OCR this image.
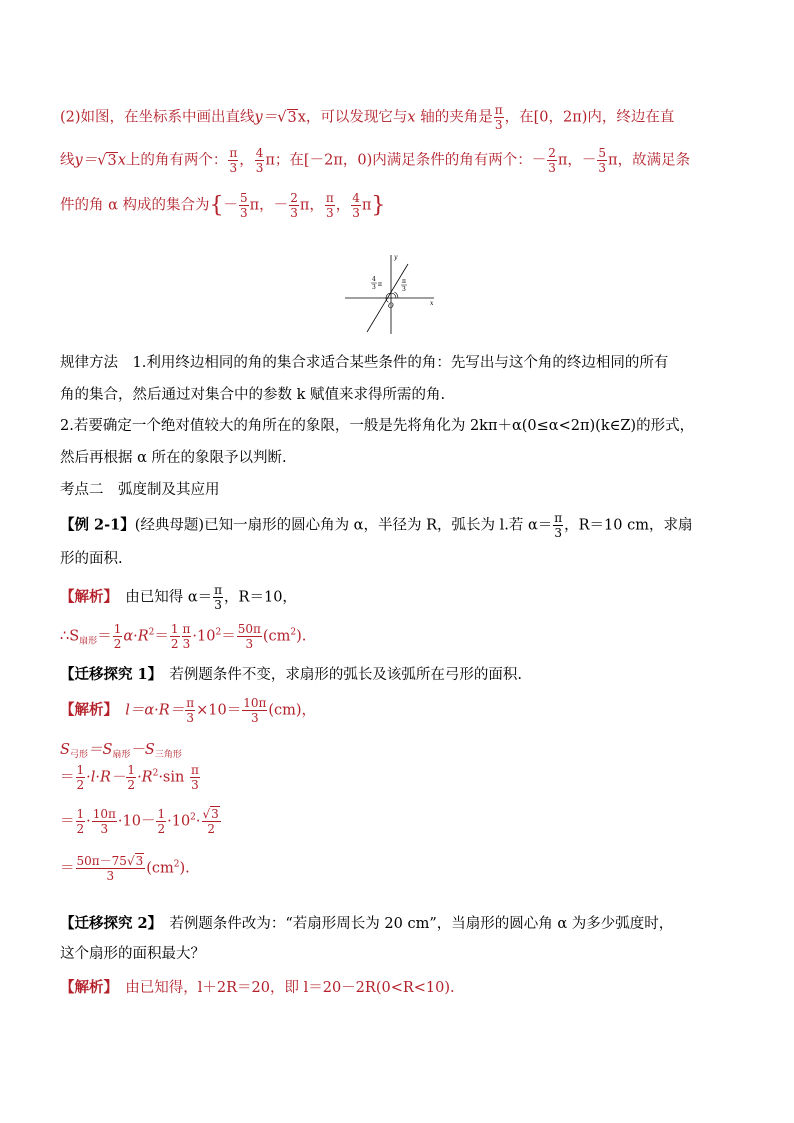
(2)如图，在坐标系中画出直线y＝√3x，可以发现它与x 轴的夹角是 $\frac{\pi}{3}$ ，在[0，2π)内，终边在直
线y＝√3x上的角有两个： $\frac{\pi}{3}$ ， $\frac{4}{3}$ π；在[－2π，0)内满足条件的角有两个：－ $\frac{2}{3}$ π，－ $\frac{5}{3}$ π，故满足条
件的角 α 构成的集合为{－ $\frac{5}{3}$ π，－ $\frac{2}{3}$ π， $\frac{\pi}{3}$ ， $\frac{4}{3} \pi$}
y
x
O
4
3 π	π
3
规律方法　 1.利用终边相同的角的集合求适合某些条件的角：先写出与这个角的终边相同的所有
角的集合，然后通过对集合中的参数 k 赋值来求得所需的角.
2.若要确定一个绝对值较大的角所在的象限，一般是先将角化为 2kπ＋α(0≤α<2π)(k∈Z)的形式，
然后再根据 α 所在的象限予以判断.
考点二　弧度制及其应用
【例 2-1】(经典母题)已知一扇形的圆心角为 α，半径为 R，弧长为 l.若 $\alpha= \frac{\pi}{3}$ ，R＝10 cm，求扇
形的面积.
【解析】　 由已知得 $\alpha= \frac{\pi}{3}$ ，R＝10，
$\therefore S_{扇形}= \frac{1}{2} \alpha\cdot R^2= \frac{1}{2} \frac{\pi}{3} \cdot 10^2= \frac{50\pi}{3} (cm^2)$.
【迁移探究 1】　 若例题条件不变，求扇形的弧长及该弧所在弓形的面积.
【解析】　 $l=\alpha\cdot R= \frac{\pi}{3} \times 10= \frac{10\pi}{3} (cm)$，
$S_{弓形}=S_{扇形}-S_{三角形}$
＝ $\frac{1}{2} \cdot l\cdot R- \frac{1}{2} \cdot R^2\cdot\sin \frac{\pi}{3}$
＝ $\frac{1}{2} \cdot \frac{10\pi}{3} \cdot 10- \frac{1}{2} \cdot 10^2\cdot \frac{√3}{2}$
＝ $\frac{50\pi-75√3}{3} (cm^2)$.
【迁移探究 2】　 若例题条件改为：“若扇形周长为 20 cm”，当扇形的圆心角 α 为多少弧度时，
这个扇形的面积最大？
【解析】　 由已知得，l＋2R＝20，即 l＝20－2R(0<R<10).
